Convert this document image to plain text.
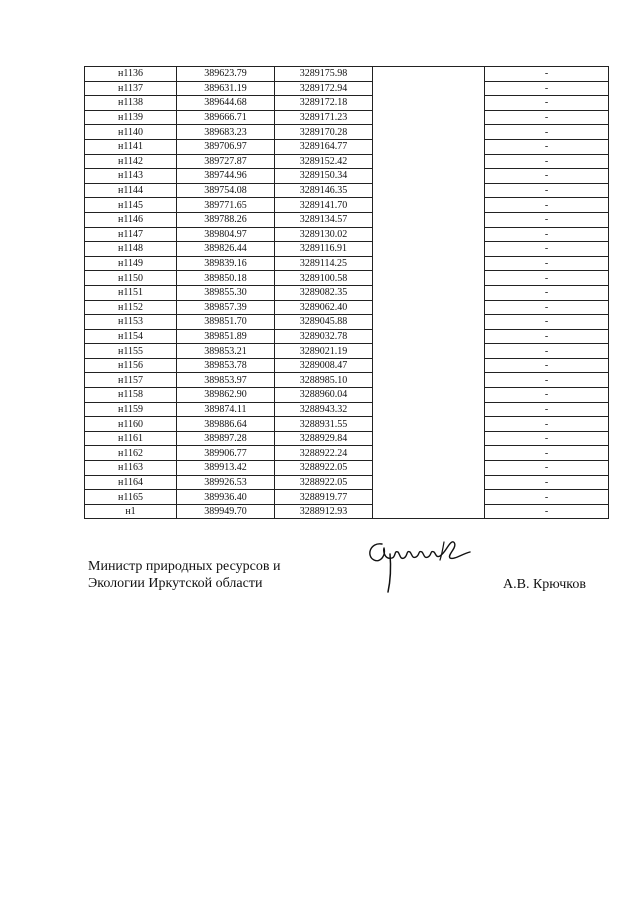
н1136	389623.79	3289175.98		-
н1137	389631.19	3289172.94		-
н1138	389644.68	3289172.18		-
н1139	389666.71	3289171.23		-
н1140	389683.23	3289170.28		-
н1141	389706.97	3289164.77		-
н1142	389727.87	3289152.42		-
н1143	389744.96	3289150.34		-
н1144	389754.08	3289146.35		-
н1145	389771.65	3289141.70		-
н1146	389788.26	3289134.57		-
н1147	389804.97	3289130.02		-
н1148	389826.44	3289116.91		-
н1149	389839.16	3289114.25		-
н1150	389850.18	3289100.58		-
н1151	389855.30	3289082.35		-
н1152	389857.39	3289062.40		-
н1153	389851.70	3289045.88		-
н1154	389851.89	3289032.78		-
н1155	389853.21	3289021.19		-
н1156	389853.78	3289008.47		-
н1157	389853.97	3288985.10		-
н1158	389862.90	3288960.04		-
н1159	389874.11	3288943.32		-
н1160	389886.64	3288931.55		-
н1161	389897.28	3288929.84		-
н1162	389906.77	3288922.24		-
н1163	389913.42	3288922.05		-
н1164	389926.53	3288922.05		-
н1165	389936.40	3288919.77		-
н1	389949.70	3288912.93		-
Министр природных ресурсов и
Экологии Иркутской области	А.В. Крючков
